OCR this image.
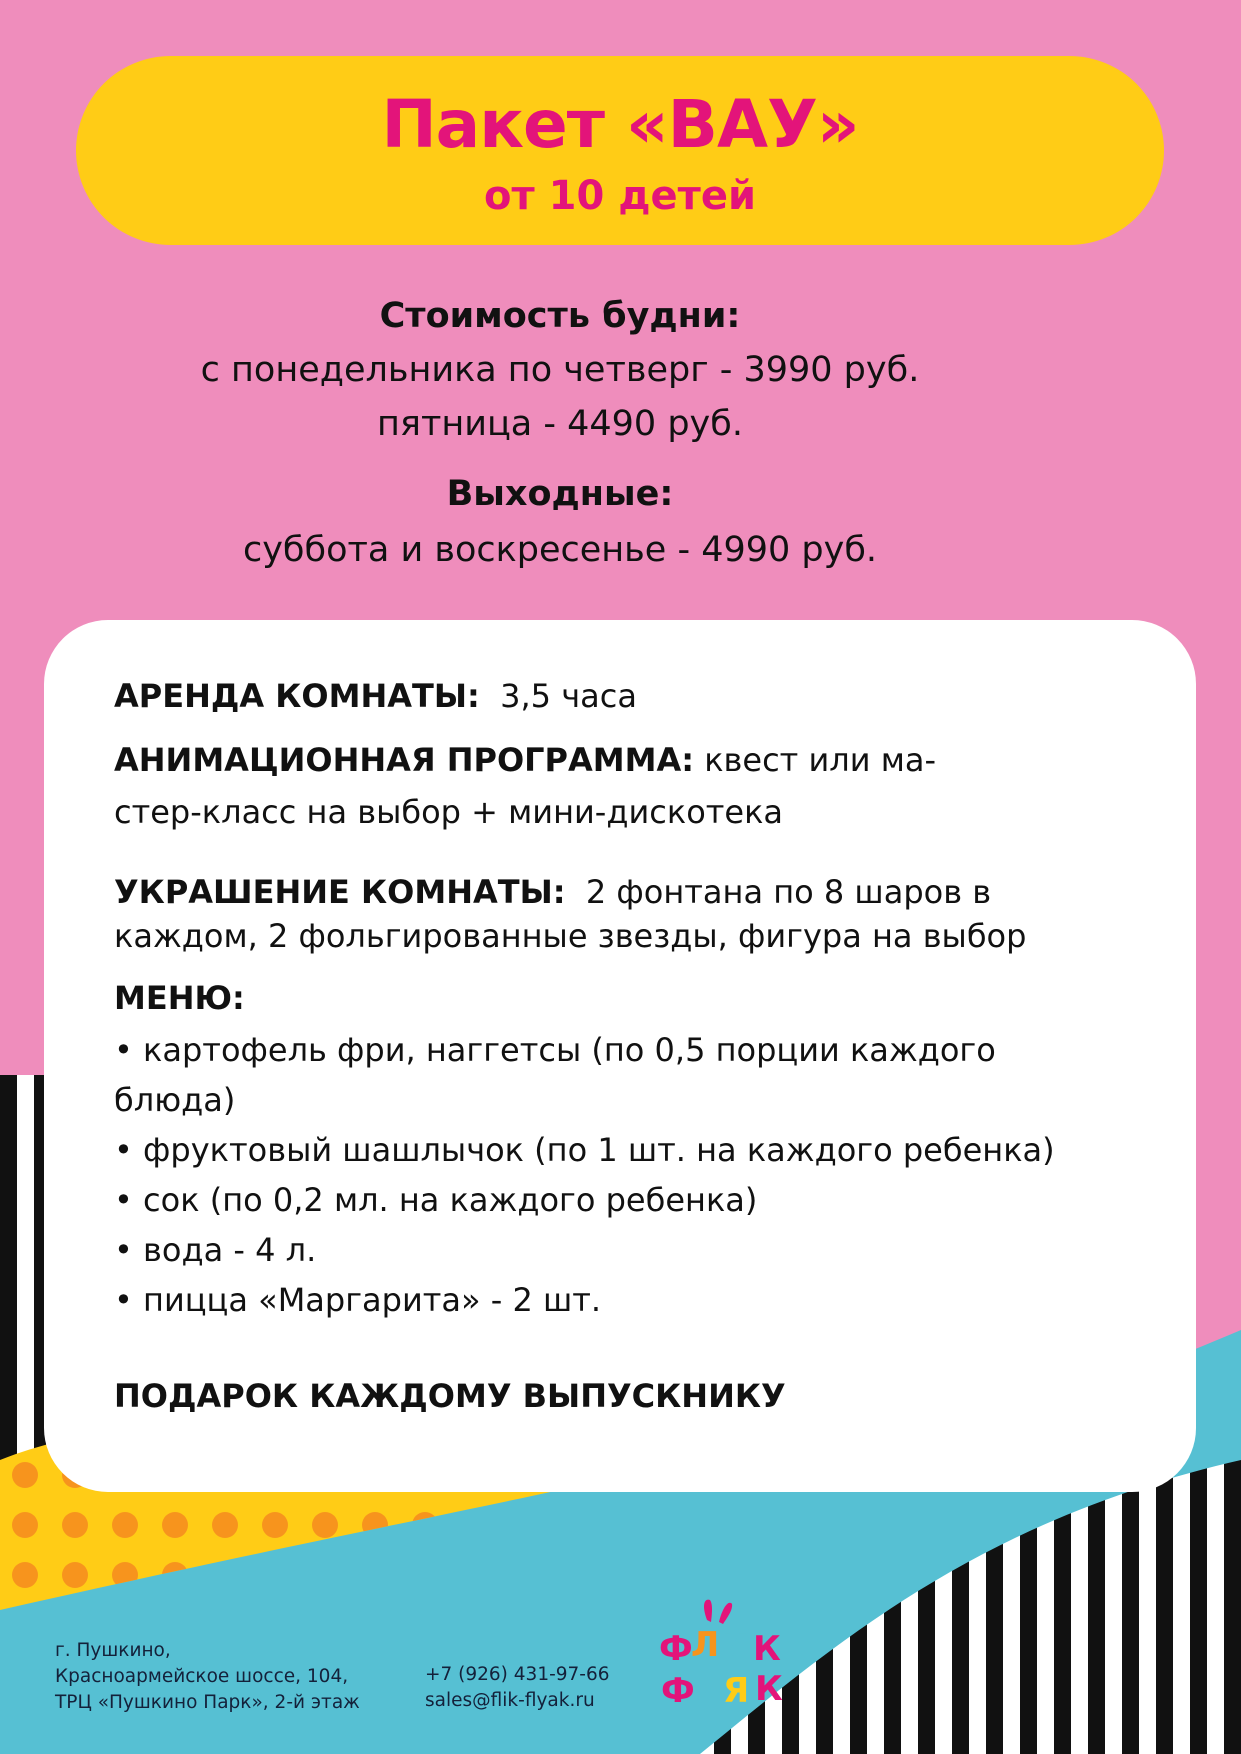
Пакет «ВАУ»
от 10 детей
Стоимость будни:
с понедельника по четверг - 3990 руб.
пятница - 4490 руб.
Выходные:
суббота и воскресенье - 4990 руб.
АРЕНДА КОМНАТЫ: 3,5 часа
АНИМАЦИОННАЯ ПРОГРАММА: квест или ма-
стер-класс на выбор + мини-дискотека
УКРАШЕНИЕ КОМНАТЫ: 2 фонтана по 8 шаров в
каждом, 2 фольгированные звезды, фигура на выбор
МЕНЮ:
• картофель фри, наггетсы (по 0,5 порции каждого
блюда)
• фруктовый шашлычок (по 1 шт. на каждого ребенка)
• сок (по 0,2 мл. на каждого ребенка)
• вода - 4 л.
• пицца «Маргарита» - 2 шт.
ПОДАРОК КАЖДОМУ ВЫПУСКНИКУ
г. Пушкино,
Красноармейское шоссе, 104,
ТРЦ «Пушкино Парк», 2-й этаж
+7 (926) 431-97-66
sales@flik-flyak.ru
Ф
Л И К
Ф
Л Я К
